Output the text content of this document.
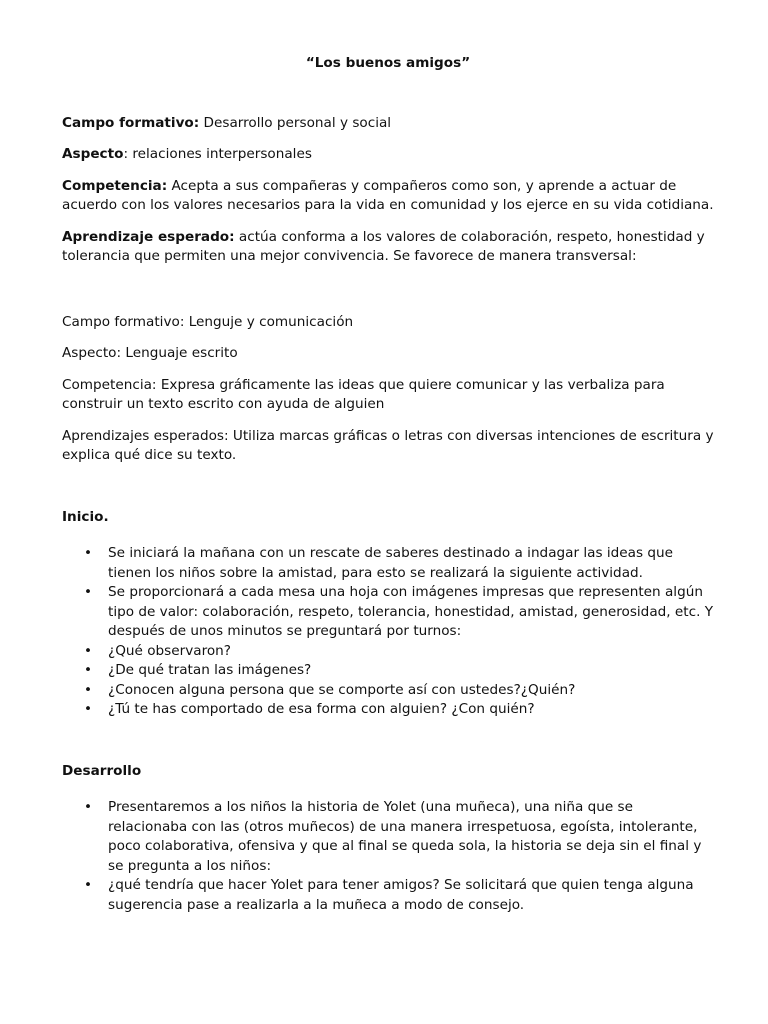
“Los buenos amigos”

Campo formativo: Desarrollo personal y social

Aspecto: relaciones interpersonales

Competencia: Acepta a sus compañeras y compañeros como son, y aprende a actuar de acuerdo con los valores necesarios para la vida en comunidad y los ejerce en su vida cotidiana.

Aprendizaje esperado: actúa conforma a los valores de colaboración, respeto, honestidad y tolerancia que permiten una mejor convivencia. Se favorece de manera transversal:

Campo formativo: Lenguje y comunicación

Aspecto: Lenguaje escrito

Competencia: Expresa gráficamente las ideas que quiere comunicar y las verbaliza para construir un texto escrito con ayuda de alguien

Aprendizajes esperados: Utiliza marcas gráficas o letras con diversas intenciones de escritura y explica qué dice su texto.

Inicio.
• Se iniciará la mañana con un rescate de saberes destinado a indagar las ideas que tienen los niños sobre la amistad, para esto se realizará la siguiente actividad.
• Se proporcionará a cada mesa una hoja con imágenes impresas que representen algún tipo de valor: colaboración, respeto, tolerancia, honestidad, amistad, generosidad, etc. Y después de unos minutos se preguntará por turnos:
• ¿Qué observaron?
• ¿De qué tratan las imágenes?
• ¿Conocen alguna persona que se comporte así con ustedes?¿Quién?
• ¿Tú te has comportado de esa forma con alguien? ¿Con quién?
Desarrollo
• Presentaremos a los niños la historia de Yolet (una muñeca), una niña que se relacionaba con las (otros muñecos) de una manera irrespetuosa, egoísta, intolerante, poco colaborativa, ofensiva y que al final se queda sola, la historia se deja sin el final y se pregunta a los niños:
• ¿qué tendría que hacer Yolet para tener amigos? Se solicitará que quien tenga alguna sugerencia pase a realizarla a la muñeca a modo de consejo.
